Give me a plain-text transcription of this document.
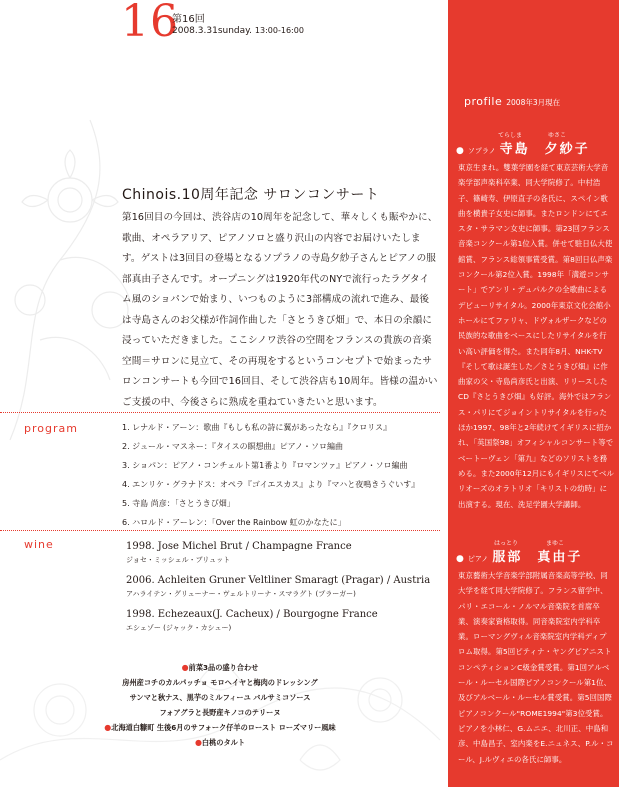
16
第16回
2008.3.31sunday. 13:00-16:00
Chinois.10周年記念 サロンコンサート

第16回目の今回は、渋谷店の10周年を記念して、華々しくも賑やかに、歌曲、オペラアリア、ピアノソロと盛り沢山の内容でお届けいたします。ゲストは3回目の登場となるソプラノの寺島夕紗子さんとピアノの服部真由子さんです。オープニングは1920年代のNYで流行ったラグタイム風のショパンで始まり、いつものように3部構成の流れで進み、最後は寺島さんのお父様が作詞作曲した「さとうきび畑」で、本日の余韻に浸っていただきました。ここシノワ渋谷の空間をフランスの貴族の音楽空間＝サロンに見立て、その再現をするというコンセプトで始まったサロンコンサートも今回で16回目、そして渋谷店も10周年。皆様の温かいご支援の中、今後さらに熟成を重ねていきたいと思います。

program	1. レナルド・アーン：歌曲『もしも私の詩に翼があったなら』『クロリス』
2. ジュール・マスネー：『タイスの瞑想曲』ピアノ・ソロ編曲
3. ショパン：ピアノ・コンチェルト第1番より『ロマンツァ』ピアノ・ソロ編曲
4. エンリケ・グラナドス：オペラ『ゴイエスカス』より『マハと夜鳴きうぐいす』
5. 寺島 尚彦：「さとうきび畑」
6. ハロルド・アーレン：「Over the Rainbow 虹のかなたに」
wine	1998. Jose Michel Brut / Champagne France
ジョセ・ミッシェル・ブリュット
2006. Achleiten Gruner Veltliner Smaragt (Pragar) / Austria
アハライテン・グリューナー・ヴェルトリーナ・スマラグト (プラーガー)
1998. Echezeaux(J. Cacheux) / Bourgogne France
エシェゾー (ジャック・カシュー)
●前菜3品の盛り合わせ
房州産コチのカルパッチョ モロヘイヤと梅肉のドレッシング
サンマと秋ナス、黒芋のミルフィーユ バルサミコソース
フォアグラと長野産キノコのテリーヌ
●北海道白糠町 生後6月のサフォーク仔羊のロースト ローズマリー風味
●白桃のタルト
profile 2008年3月現在
てらしま	ゆさこ
● ソプラノ 寺島　夕紗子

東京生まれ。雙葉学園を経て東京芸術大学音楽学部声楽科卒業、同大学院修了。中村浩子、篠崎寿、伊原直子の各氏に、スペイン歌曲を横貴子女史に師事。またロンドンにてエスタ・サラマン女史に師事。第23回フランス音楽コンクール第1位入賞。併せて駐日仏大使館賞、フランス総領事賞受賞。第8回日仏声楽コンクール第2位入賞。1998年「満遊コンサート」でアンリ・デュパルクの全歌曲によるデビューリサイタル。2000年東京文化会館小ホールにてファリャ、ドヴォルザークなどの民族的な歌曲をベースにしたリサイタルを行い高い評価を得た。また同年8月、NHK-TV『そして歌は誕生した／さとうきび畑』に作曲家の父・寺島尚彦氏と出演、リリースしたCD『さとうきび畑』も好評。海外ではフランス・パリにてジョイントリサイタルを行ったほか1997、98年と2年続けてイギリスに招かれ、「英国祭98」オフィシャルコンサート等でベートーヴェン「第九」などのソリストを務める。また2000年12月にもイギリスにてベルリオーズのオラトリオ「キリストの幼時」に出演する。現在、洗足学園大学講師。

はっとり	まゆこ
● ピアノ 服部　真由子

東京藝術大学音楽学部附属音楽高等学校、同大学を経て同大学院修了。フランス留学中、パリ・エコール・ノルマル音楽院を首席卒業、演奏家資格取得。同音楽院室内学科卒業。ローマングヴィル音楽院室内学科ディプロム取得。第5回ピティナ・ヤングピアニストコンペティションC級金賞受賞。第1回アルベール・ルーセル国際ピアノコンクール第1位、及びアルベール・ルーセル賞受賞。第5回国際ピアノコンクール"ROME1994"第3位受賞。ピアノを小林仁、G.ムニエ、北川正、中島和彦、中島昌子、室内楽をE.ニュネス、P.ル・コール、J.ルヴィエの各氏に師事。
